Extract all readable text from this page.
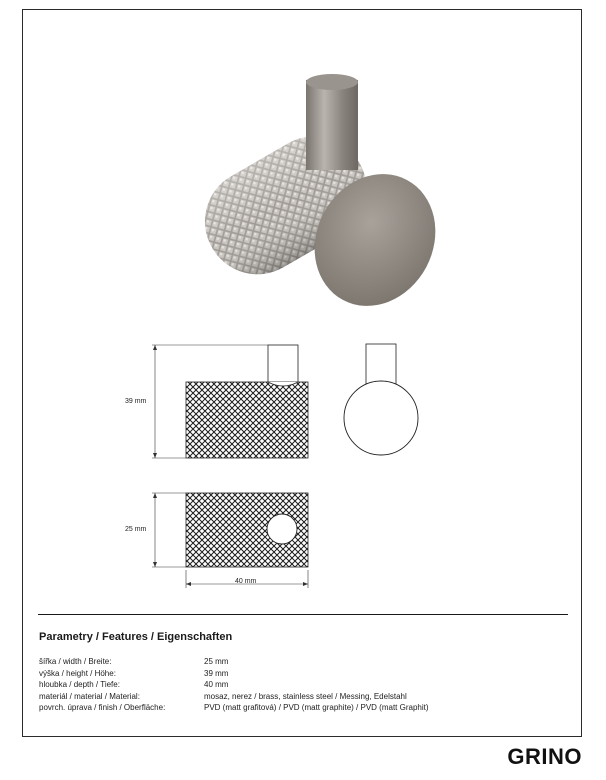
39 mm
25 mm
40 mm
Parametry / Features / Eigenschaften
šířka / width / Breite:	25 mm
výška / height / Höhe:	39 mm
hloubka / depth / Tiefe:	40 mm
materiál / material / Material:	mosaz, nerez / brass, stainless steel / Messing, Edelstahl
povrch. úprava / finish / Oberfläche:	PVD (matt grafitová) / PVD (matt graphite) / PVD (matt Graphit)
GRINO
